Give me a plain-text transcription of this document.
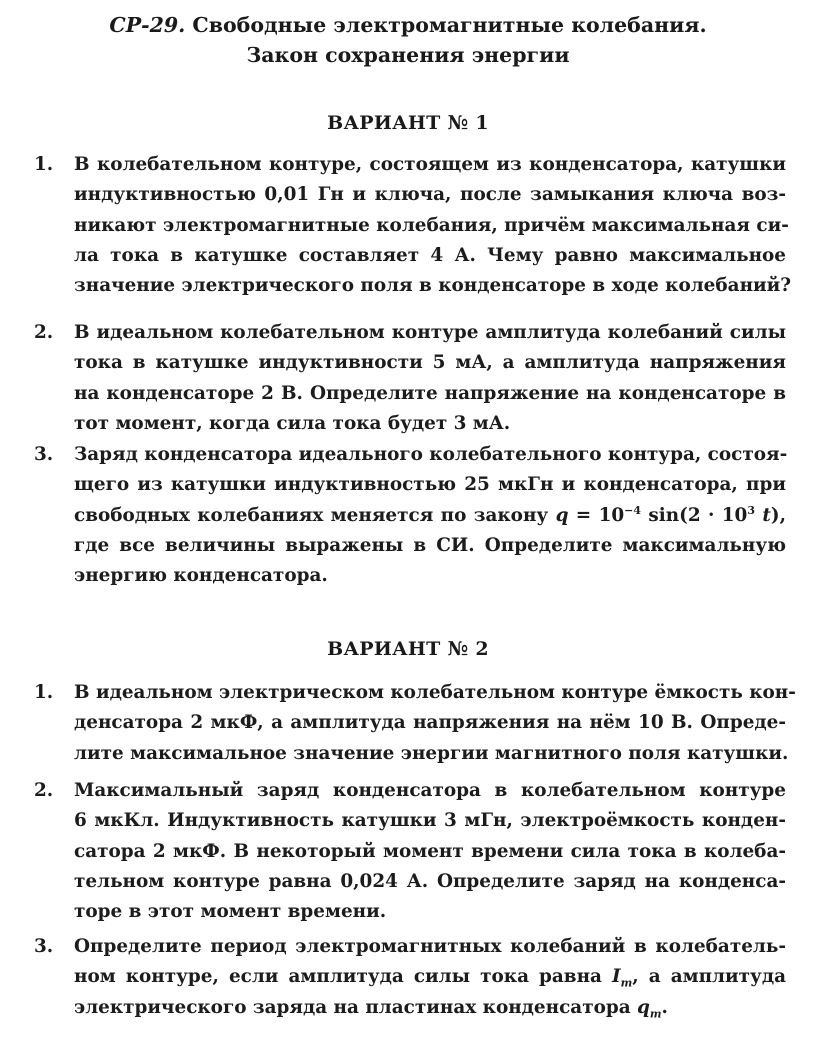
СР-29. Свободные электромагнитные колебания.
Закон сохранения энергии
ВАРИАНТ № 1
1.	В колебательном контуре, состоящем из конденсатора, катушки
индуктивностью 0,01 Гн и ключа, после замыкания ключа воз-
никают электромагнитные колебания, причём максимальная си-
ла тока в катушке составляет 4 А. Чему равно максимальное
значение электрического поля в конденсаторе в ходе колебаний?
2.	В идеальном колебательном контуре амплитуда колебаний силы
тока в катушке индуктивности 5 мА, а амплитуда напряжения
на конденсаторе 2 В. Определите напряжение на конденсаторе в
тот момент, когда сила тока будет 3 мА.
3.	Заряд конденсатора идеального колебательного контура, состоя-
щего из катушки индуктивностью 25 мкГн и конденсатора, при
свободных колебаниях меняется по закону $q = 10^{-4}$ $\sin(2 \cdot 10^3$ t),
где все величины выражены в СИ. Определите максимальную
энергию конденсатора.
ВАРИАНТ № 2
1.	В идеальном электрическом колебательном контуре ёмкость кон-
денсатора 2 мкФ, а амплитуда напряжения на нём 10 В. Опреде-
лите максимальное значение энергии магнитного поля катушки.
2.	Максимальный заряд конденсатора в колебательном контуре
6 мкКл. Индуктивность катушки 3 мГн, электроёмкость конден-
сатора 2 мкФ. В некоторый момент времени сила тока в колеба-
тельном контуре равна 0,024 А. Определите заряд на конденса-
торе в этот момент времени.
3.	Определите период электромагнитных колебаний в колебатель-
ном контуре, если амплитуда силы тока равна $I_m$, а амплитуда
электрического заряда на пластинах конденсатора $q_m$.
